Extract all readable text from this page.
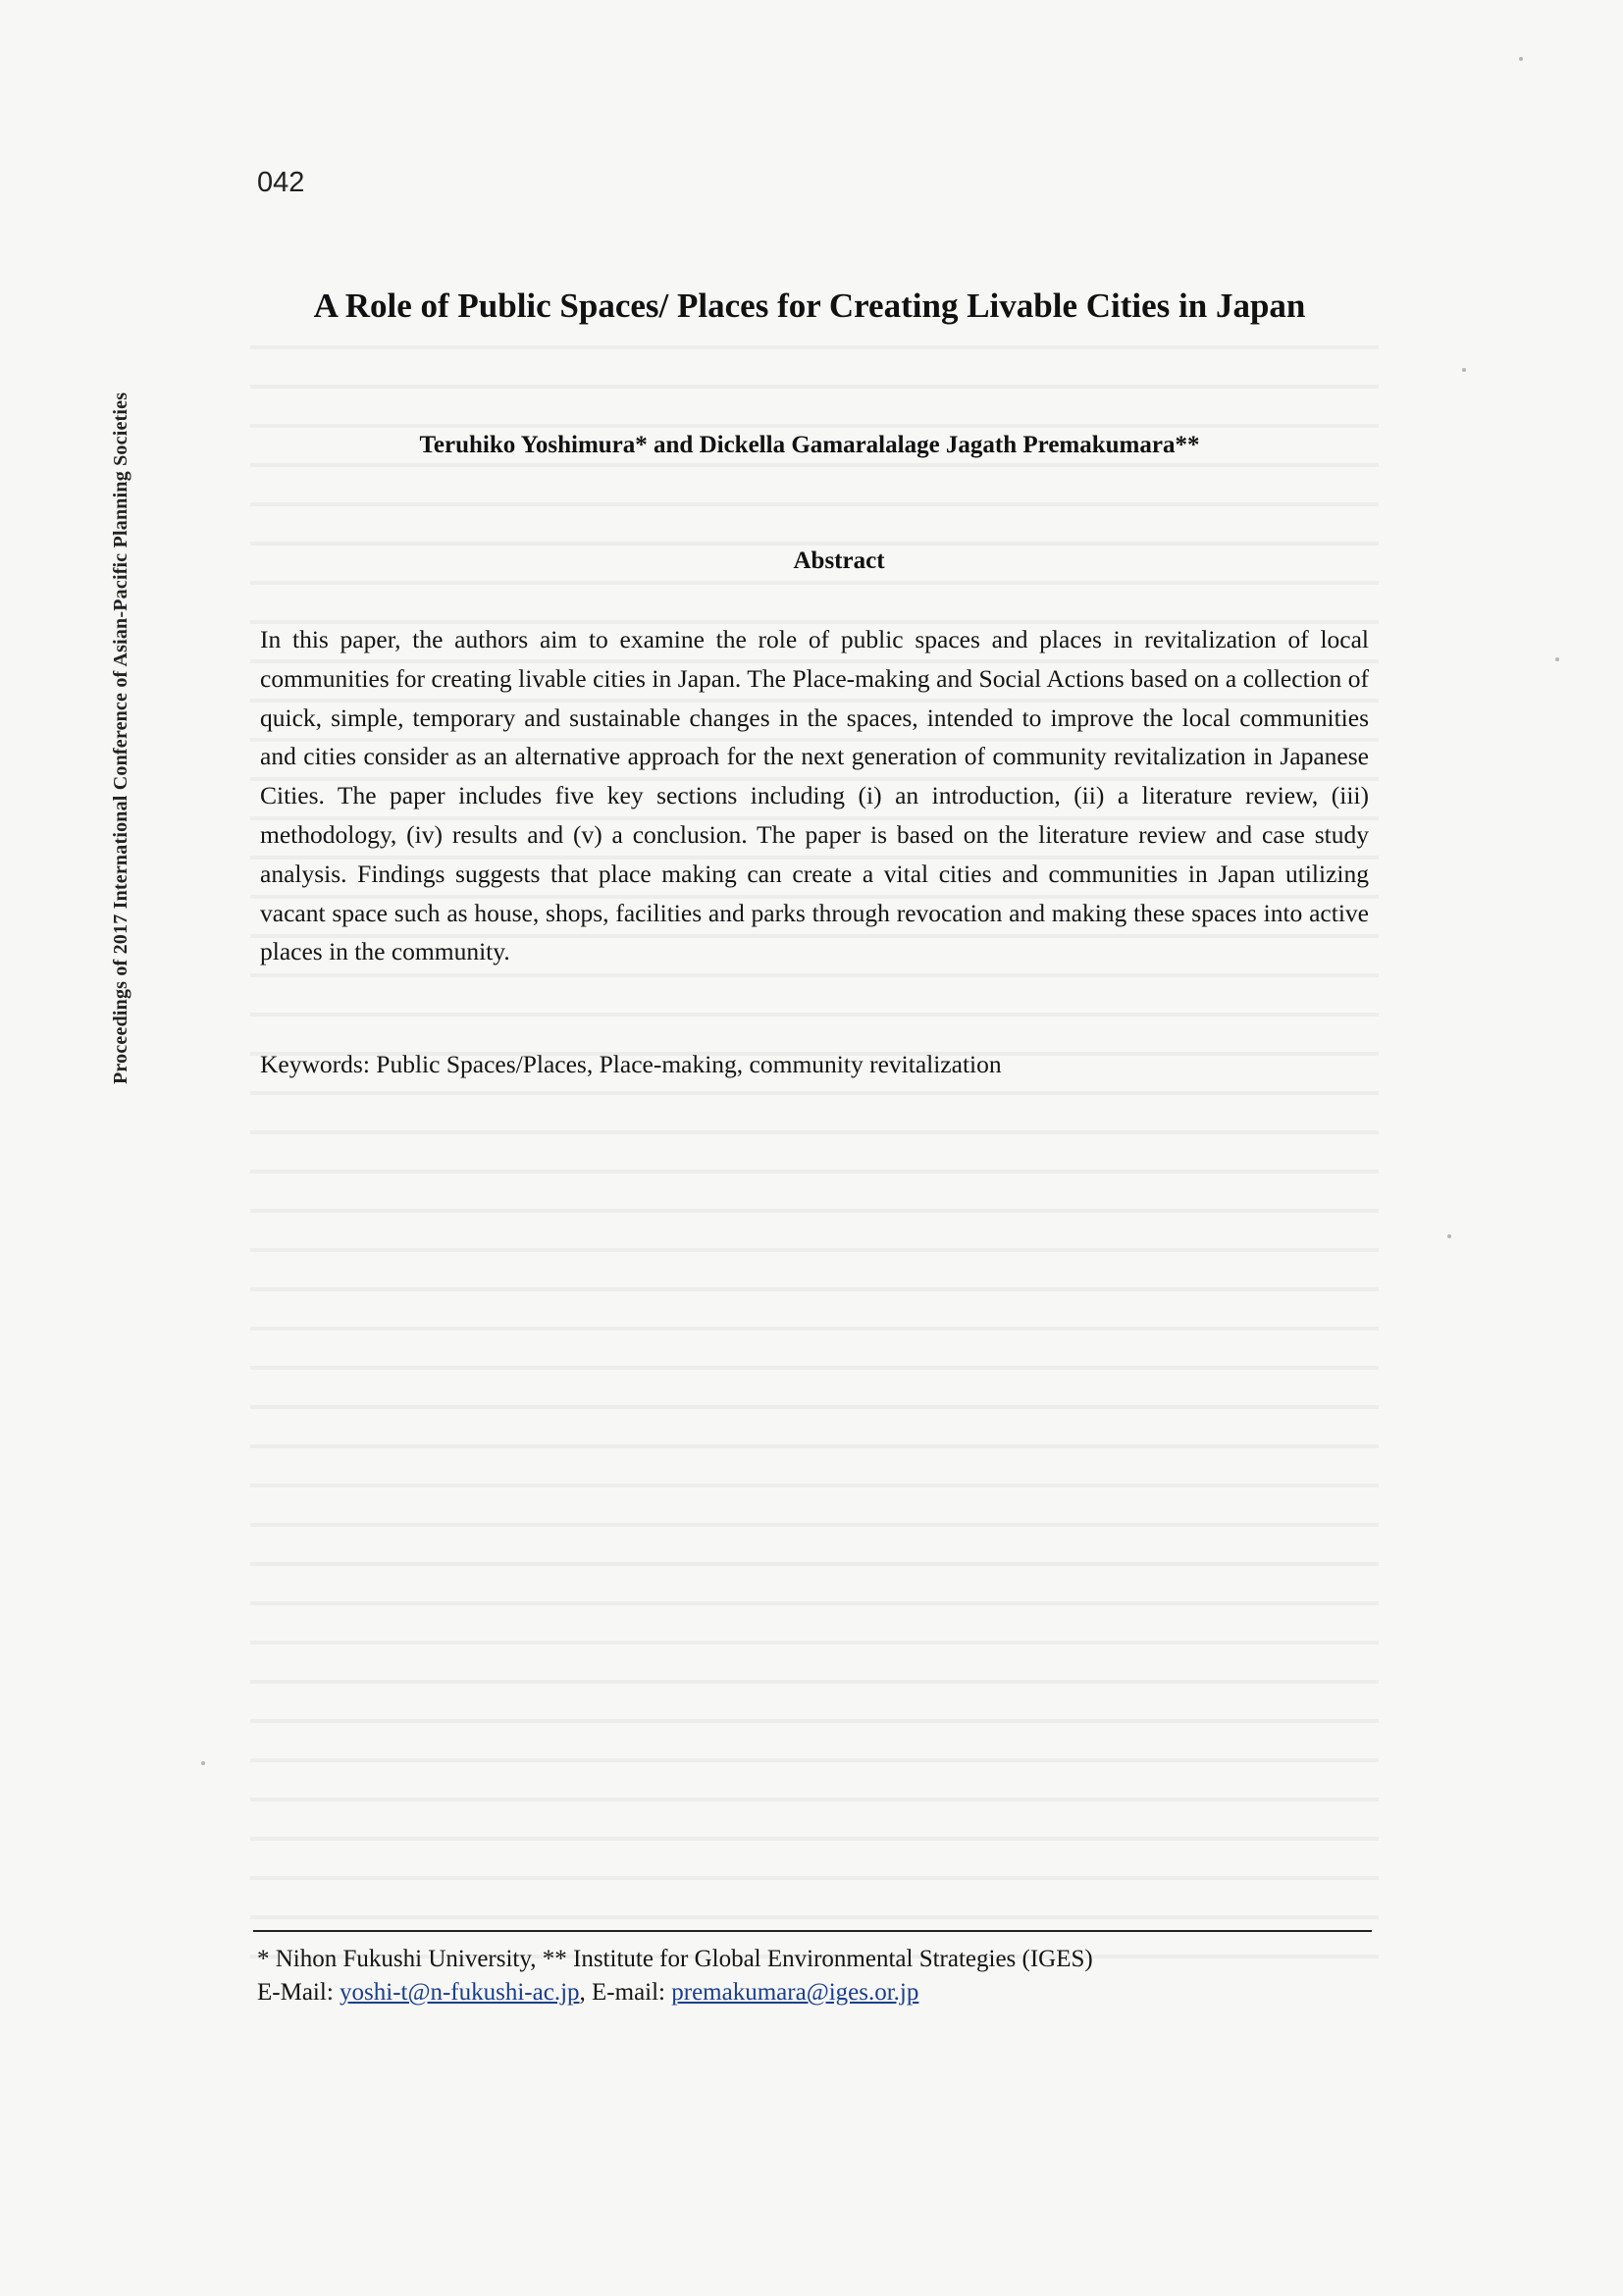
042
Proceedings of 2017 International Conference of Asian-Pacific Planning Societies
A Role of Public Spaces/ Places for Creating Livable Cities in Japan
Teruhiko Yoshimura* and Dickella Gamaralalage Jagath Premakumara**
Abstract

In this paper, the authors aim to examine the role of public spaces and places in revitalization of local communities for creating livable cities in Japan. The Place-making and Social Actions based on a collection of quick, simple, temporary and sustainable changes in the spaces, intended to improve the local communities and cities consider as an alternative approach for the next generation of community revitalization in Japanese Cities. The paper includes five key sections including (i) an introduction, (ii) a literature review, (iii) methodology, (iv) results and (v) a conclusion. The paper is based on the literature review and case study analysis. Findings suggests that place making can create a vital cities and communities in Japan utilizing vacant space such as house, shops, facilities and parks through revocation and making these spaces into active places in the community.

Keywords: Public Spaces/Places, Place-making, community revitalization

* Nihon Fukushi University, ** Institute for Global Environmental Strategies (IGES)
E-Mail: yoshi-t@n-fukushi-ac.jp, E-mail: premakumara@iges.or.jp
